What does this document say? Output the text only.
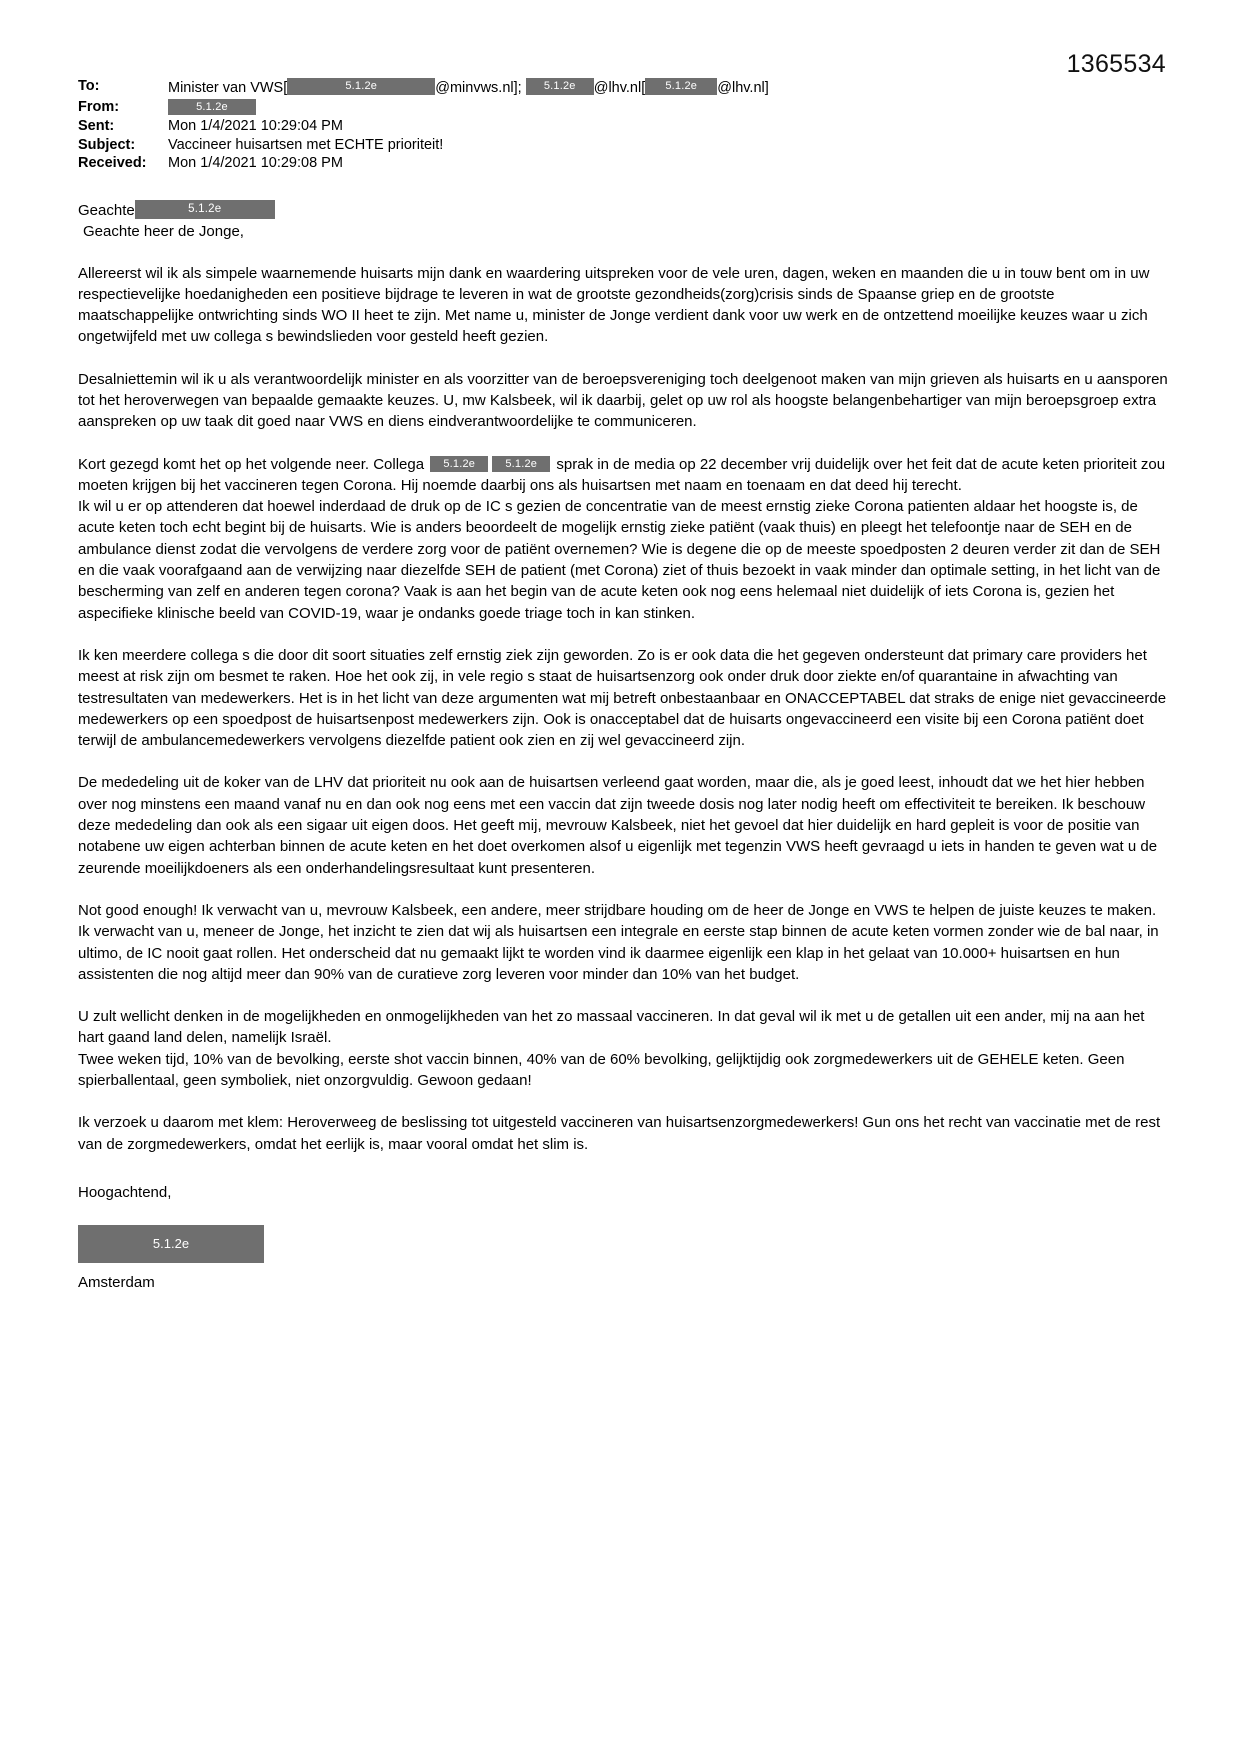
1365534
To:	Minister van VWS[ 5.1.2e @minvws.nl]; 5.1.2e @lhv.nl[ 5.1.2e @lhv.nl]
From:	5.1.2e
Sent:	Mon 1/4/2021 10:29:04 PM
Subject:	Vaccineer huisartsen met ECHTE prioriteit!
Received:	Mon 1/4/2021 10:29:08 PM
Geachte	5.1.2e
Geachte heer de Jonge,

Allereerst wil ik als simpele waarnemende huisarts mijn dank en waardering uitspreken voor de vele uren, dagen, weken en maanden die u in touw bent om in uw respectievelijke hoedanigheden een positieve bijdrage te leveren in wat de grootste gezondheids(zorg)crisis sinds de Spaanse griep en de grootste maatschappelijke ontwrichting sinds WO II heet te zijn. Met name u, minister de Jonge verdient dank voor uw werk en de ontzettend moeilijke keuzes waar u zich ongetwijfeld met uw collega s bewindslieden voor gesteld heeft gezien.

Desalniettemin wil ik u als verantwoordelijk minister en als voorzitter van de beroepsvereniging toch deelgenoot maken van mijn grieven als huisarts en u aansporen tot het heroverwegen van bepaalde gemaakte keuzes. U, mw Kalsbeek, wil ik daarbij, gelet op uw rol als hoogste belangenbehartiger van mijn beroepsgroep extra aanspreken op uw taak dit goed naar VWS en diens eindverantwoordelijke te communiceren.

Kort gezegd komt het op het volgende neer. Collega 5.1.2e	5.1.2e sprak in de media op 22 december vrij duidelijk over het feit dat de acute keten prioriteit zou moeten krijgen bij het vaccineren tegen Corona. Hij noemde daarbij ons als huisartsen met naam en toenaam en dat deed hij terecht.

Ik wil u er op attenderen dat hoewel inderdaad de druk op de IC s gezien de concentratie van de meest ernstig zieke Corona patienten aldaar het hoogste is, de acute keten toch echt begint bij de huisarts. Wie is anders beoordeelt de mogelijk ernstig zieke patiënt (vaak thuis) en pleegt het telefoontje naar de SEH en de ambulance dienst zodat die vervolgens de verdere zorg voor de patiënt overnemen? Wie is degene die op de meeste spoedposten 2 deuren verder zit dan de SEH en die vaak voorafgaand aan de verwijzing naar diezelfde SEH de patient (met Corona) ziet of thuis bezoekt in vaak minder dan optimale setting, in het licht van de bescherming van zelf en anderen tegen corona? Vaak is aan het begin van de acute keten ook nog eens helemaal niet duidelijk of iets Corona is, gezien het aspecifieke klinische beeld van COVID-19, waar je ondanks goede triage toch in kan stinken.

Ik ken meerdere collega s die door dit soort situaties zelf ernstig ziek zijn geworden. Zo is er ook data die het gegeven ondersteunt dat primary care providers het meest at risk zijn om besmet te raken. Hoe het ook zij, in vele regio s staat de huisartsenzorg ook onder druk door ziekte en/of quarantaine in afwachting van testresultaten van medewerkers. Het is in het licht van deze argumenten wat mij betreft onbestaanbaar en ONACCEPTABEL dat straks de enige niet gevaccineerde medewerkers op een spoedpost de huisartsenpost medewerkers zijn. Ook is onacceptabel dat de huisarts ongevaccineerd een visite bij een Corona patiënt doet terwijl de ambulancemedewerkers vervolgens diezelfde patient ook zien en zij wel gevaccineerd zijn.

De mededeling uit de koker van de LHV dat prioriteit nu ook aan de huisartsen verleend gaat worden, maar die, als je goed leest, inhoudt dat we het hier hebben over nog minstens een maand vanaf nu en dan ook nog eens met een vaccin dat zijn tweede dosis nog later nodig heeft om effectiviteit te bereiken. Ik beschouw deze mededeling dan ook als een sigaar uit eigen doos. Het geeft mij, mevrouw Kalsbeek, niet het gevoel dat hier duidelijk en hard gepleit is voor de positie van notabene uw eigen achterban binnen de acute keten en het doet overkomen alsof u eigenlijk met tegenzin VWS heeft gevraagd u iets in handen te geven wat u de zeurende moeilijkdoeners als een onderhandelingsresultaat kunt presenteren.

Not good enough! Ik verwacht van u, mevrouw Kalsbeek, een andere, meer strijdbare houding om de heer de Jonge en VWS te helpen de juiste keuzes te maken. Ik verwacht van u, meneer de Jonge, het inzicht te zien dat wij als huisartsen een integrale en eerste stap binnen de acute keten vormen zonder wie de bal naar, in ultimo, de IC nooit gaat rollen. Het onderscheid dat nu gemaakt lijkt te worden vind ik daarmee eigenlijk een klap in het gelaat van 10.000+ huisartsen en hun assistenten die nog altijd meer dan 90% van de curatieve zorg leveren voor minder dan 10% van het budget.

U zult wellicht denken in de mogelijkheden en onmogelijkheden van het zo massaal vaccineren. In dat geval wil ik met u de getallen uit een ander, mij na aan het hart gaand land delen, namelijk Israël.

Twee weken tijd, 10% van de bevolking, eerste shot vaccin binnen, 40% van de 60% bevolking, gelijktijdig ook zorgmedewerkers uit de GEHELE keten. Geen spierballentaal, geen symboliek, niet onzorgvuldig. Gewoon gedaan!

Ik verzoek u daarom met klem: Heroverweeg de beslissing tot uitgesteld vaccineren van huisartsenzorgmedewerkers! Gun ons het recht van vaccinatie met de rest van de zorgmedewerkers, omdat het eerlijk is, maar vooral omdat het slim is.

Hoogachtend,
5.1.2e
Amsterdam
